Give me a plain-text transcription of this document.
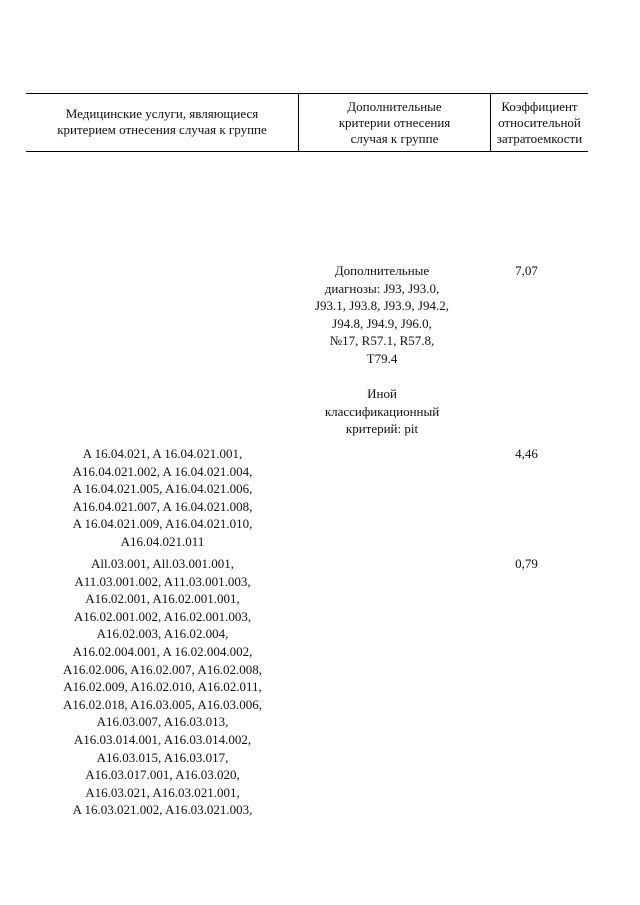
Медицинские услуги, являющиеся
критерием отнесения случая к группе
Дополнительные
критерии отнесения
случая к группе
Коэффициент
относительной
затратоемкости
Дополнительные
диагнозы: J93, J93.0,
J93.1, J93.8, J93.9, J94.2,
J94.8, J94.9, J96.0,
№17, R57.1, R57.8,
T79.4
Иной
классификационный
критерий: pit
7,07
A 16.04.021, A 16.04.021.001,
A16.04.021.002, A 16.04.021.004,
A 16.04.021.005, A16.04.021.006,
A16.04.021.007, A 16.04.021.008,
A 16.04.021.009, A16.04.021.010,
A16.04.021.011
4,46
All.03.001, All.03.001.001,
A11.03.001.002, A11.03.001.003,
A16.02.001, A16.02.001.001,
A16.02.001.002, A16.02.001.003,
A16.02.003, A16.02.004,
A16.02.004.001, A 16.02.004.002,
A16.02.006, A16.02.007, A16.02.008,
A16.02.009, A16.02.010, A16.02.011,
A16.02.018, A16.03.005, A16.03.006,
A16.03.007, A16.03.013,
A16.03.014.001, A16.03.014.002,
A16.03.015, A16.03.017,
A16.03.017.001, A16.03.020,
A16.03.021, A16.03.021.001,
A 16.03.021.002, A16.03.021.003,
0,79
